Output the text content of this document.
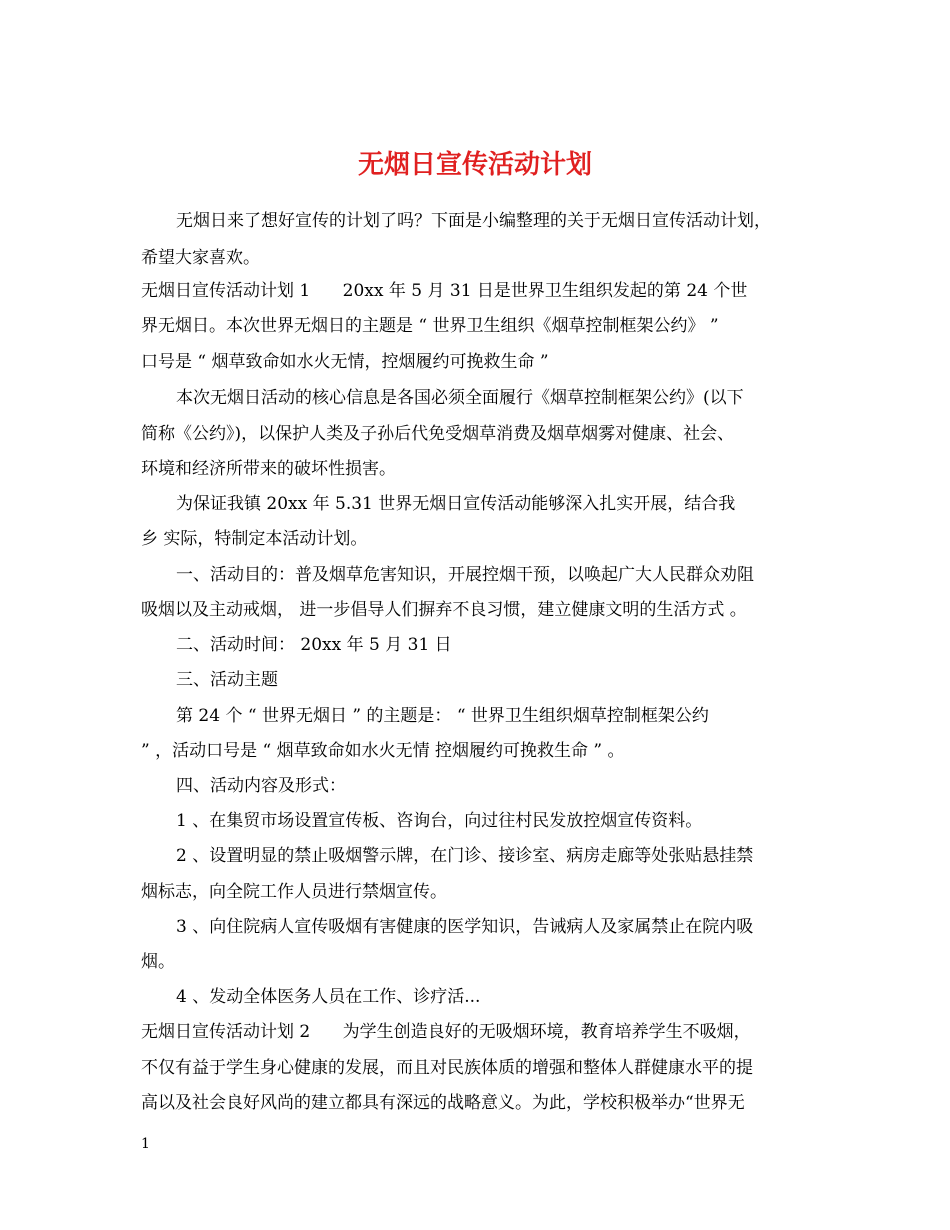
无烟日宣传活动计划

无烟日来了想好宣传的计划了吗？下面是小编整理的关于无烟日宣传活动计划，

希望大家喜欢。

无烟日宣传活动计划 1      20xx 年 5 月 31 日是世界卫生组织发起的第 24 个世

界无烟日。本次世界无烟日的主题是 “ 世界卫生组织《烟草控制框架公约》 ”

口号是 “ 烟草致命如水火无情，控烟履约可挽救生命 ”

本次无烟日活动的核心信息是各国必须全面履行《烟草控制框架公约》(以下

简称《公约》)，以保护人类及子孙后代免受烟草消费及烟草烟雾对健康、社会、

环境和经济所带来的破坏性损害。

为保证我镇 20xx 年 5.31 世界无烟日宣传活动能够深入扎实开展，结合我

乡 实际，特制定本活动计划。

一、活动目的：普及烟草危害知识，开展控烟干预，以唤起广大人民群众劝阻

吸烟以及主动戒烟， 进一步倡导人们摒弃不良习惯，建立健康文明的生活方式 。

二、活动时间： 20xx 年 5 月 31 日

三、活动主题

第 24 个 “ 世界无烟日 ” 的主题是： “ 世界卫生组织烟草控制框架公约

” ，活动口号是 “ 烟草致命如水火无情 控烟履约可挽救生命 ” 。

四、活动内容及形式：

1 、在集贸市场设置宣传板、咨询台，向过往村民发放控烟宣传资料。

2 、设置明显的禁止吸烟警示牌，在门诊、接诊室、病房走廊等处张贴悬挂禁

烟标志，向全院工作人员进行禁烟宣传。

3 、向住院病人宣传吸烟有害健康的医学知识，告诫病人及家属禁止在院内吸

烟。

4 、发动全体医务人员在工作、诊疗活...

无烟日宣传活动计划 2      为学生创造良好的无吸烟环境，教育培养学生不吸烟，

不仅有益于学生身心健康的发展，而且对民族体质的增强和整体人群健康水平的提

高以及社会良好风尚的建立都具有深远的战略意义。为此，学校积极举办“世界无

1
